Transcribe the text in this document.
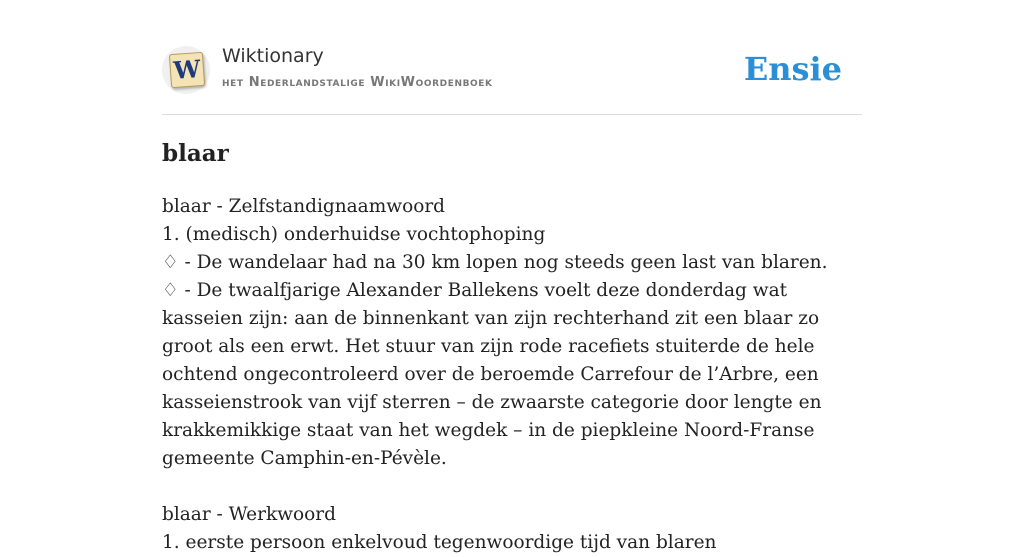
W Wiktionary
het Nederlandstalige WikiWoordenboek	Ensie
blaar
blaar - Zelfstandignaamwoord
1. (medisch) onderhuidse vochtophoping
♢ - De wandelaar had na 30 km lopen nog steeds geen last van blaren.
♢ - De twaalfjarige Alexander Ballekens voelt deze donderdag wat kasseien zijn: aan de binnenkant van zijn rechterhand zit een blaar zo groot als een erwt. Het stuur van zijn rode racefiets stuiterde de hele ochtend ongecontroleerd over de beroemde Carrefour de l’Arbre, een kasseienstrook van vijf sterren – de zwaarste categorie door lengte en krakkemikkige staat van het wegdek – in de piepkleine Noord-Franse gemeente Camphin-en-Pévèle.
blaar - Werkwoord
1. eerste persoon enkelvoud tegenwoordige tijd van blaren
